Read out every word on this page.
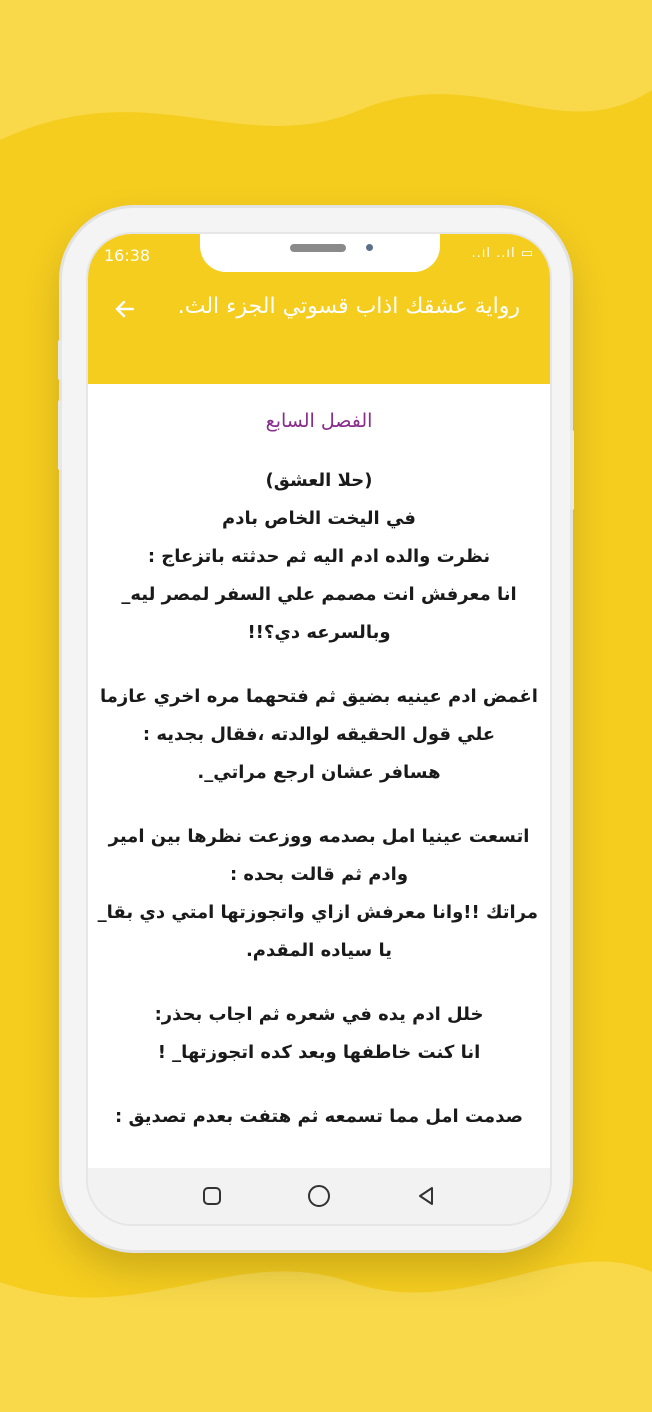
16:38	..ıl ..ıl ▭
رواية عشقك اذاب قسوتي الجزء الث.
الفصل السابع
(حلا العشق)
في اليخت الخاص بادم
نظرت والده ادم اليه ثم حدثته باتزعاج :
انا معرفش انت مصمم علي السفر لمصر ليه_
وبالسرعه دي؟!!
اغمض ادم عينيه بضيق ثم فتحهما مره اخري عازما
علي قول الحقيقه لوالدته ،فقال بجديه :
هسافر عشان ارجع مراتي_.
اتسعت عينيا امل بصدمه ووزعت نظرها بين امير
وادم ثم قالت بحده :
مراتك !!وانا معرفش ازاي واتجوزتها امتي دي بقا_
يا سياده المقدم.
خلل ادم يده في شعره ثم اجاب بحذر:
انا كنت خاطفها وبعد كده اتجوزتها_ !
صدمت امل مما تسمعه ثم هتفت بعدم تصديق :
